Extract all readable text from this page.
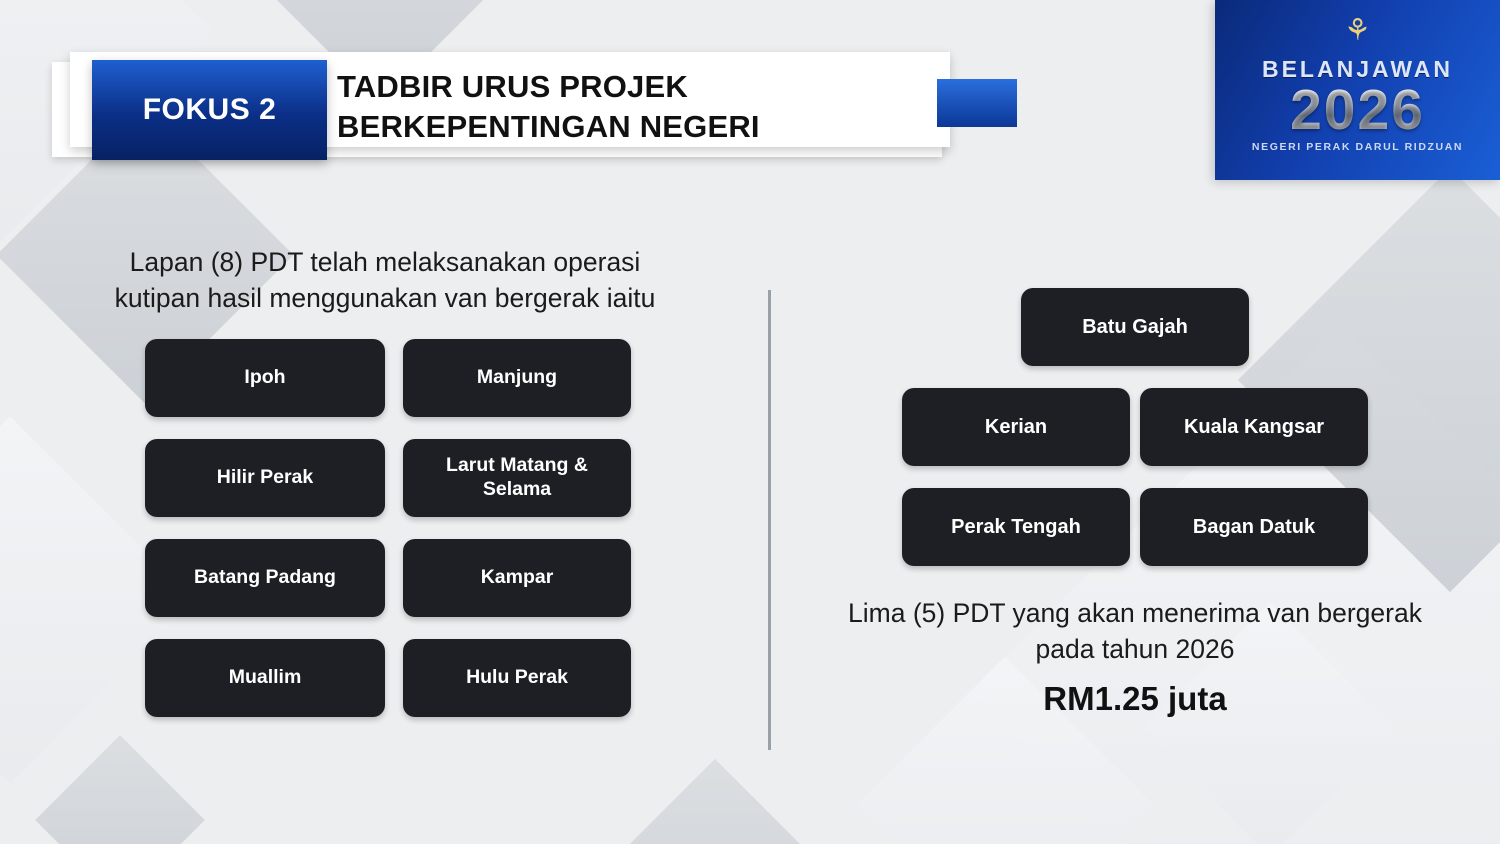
FOKUS 2
TADBIR URUS PROJEK
BERKEPENTINGAN NEGERI
⚘
BELANJAWAN
2026
NEGERI PERAK DARUL RIDZUAN
Lapan (8) PDT telah melaksanakan operasi kutipan hasil menggunakan van bergerak iaitu
Ipoh	Manjung
Hilir Perak
Larut Matang & Selama
Batang Padang	Kampar
Muallim	Hulu Perak
Batu Gajah
Kerian	Kuala Kangsar
Perak Tengah	Bagan Datuk
Lima (5) PDT yang akan menerima van bergerak pada tahun 2026
RM1.25 juta
